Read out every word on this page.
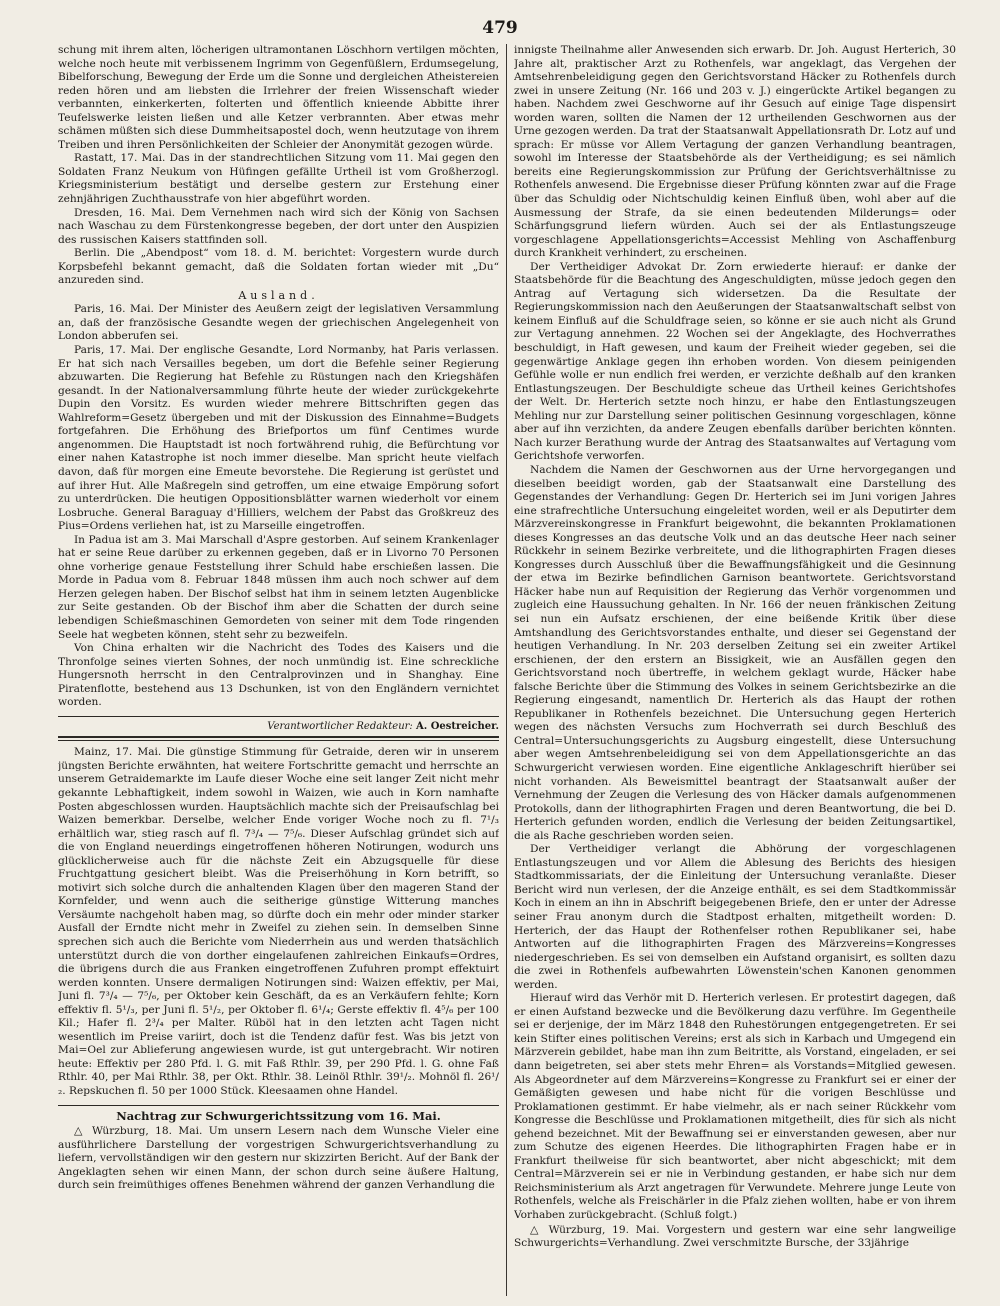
479

schung mit ihrem alten, löcherigen ultramontanen Löschhorn vertilgen möchten, welche noch heute mit verbissenem Ingrimm von Gegenfüßlern, Erdumsegelung, Bibelforschung, Bewegung der Erde um die Sonne und dergleichen Atheistereien reden hören und am liebsten die Irrlehrer der freien Wissenschaft wieder verbannten, einkerkerten, folterten und öffentlich knieende Abbitte ihrer Teufelswerke leisten ließen und alle Ketzer verbrannten. Aber etwas mehr schämen müßten sich diese Dummheitsapostel doch, wenn heutzutage von ihrem Treiben und ihren Persönlichkeiten der Schleier der Anonymität gezogen würde.

Rastatt, 17. Mai. Das in der standrechtlichen Sitzung vom 11. Mai gegen den Soldaten Franz Neukum von Hüfingen gefällte Urtheil ist vom Großherzogl. Kriegsministerium bestätigt und derselbe gestern zur Erstehung einer zehnjährigen Zuchthausstrafe von hier abgeführt worden.

Dresden, 16. Mai. Dem Vernehmen nach wird sich der König von Sachsen nach Waschau zu dem Fürstenkongresse begeben, der dort unter den Auspizien des russischen Kaisers stattfinden soll.

Berlin. Die „Abendpost“ vom 18. d. M. berichtet: Vorgestern wurde durch Korpsbefehl bekannt gemacht, daß die Soldaten fortan wieder mit „Du“ anzureden sind.

Ausland.

Paris, 16. Mai. Der Minister des Aeußern zeigt der legislativen Versammlung an, daß der französische Gesandte wegen der griechischen Angelegenheit von London abberufen sei.

Paris, 17. Mai. Der englische Gesandte, Lord Normanby, hat Paris verlassen. Er hat sich nach Versailles begeben, um dort die Befehle seiner Regierung abzuwarten. Die Regierung hat Befehle zu Rüstungen nach den Kriegshäfen gesandt. In der Nationalversammlung führte heute der wieder zurückgekehrte Dupin den Vorsitz. Es wurden wieder mehrere Bittschriften gegen das Wahlreform=Gesetz übergeben und mit der Diskussion des Einnahme=Budgets fortgefahren. Die Erhöhung des Briefportos um fünf Centimes wurde angenommen. Die Hauptstadt ist noch fortwährend ruhig, die Befürchtung vor einer nahen Katastrophe ist noch immer dieselbe. Man spricht heute vielfach davon, daß für morgen eine Emeute bevorstehe. Die Regierung ist gerüstet und auf ihrer Hut. Alle Maßregeln sind getroffen, um eine etwaige Empörung sofort zu unterdrücken. Die heutigen Oppositionsblätter warnen wiederholt vor einem Losbruche. General Baraguay d'Hilliers, welchem der Pabst das Großkreuz des Pius=Ordens verliehen hat, ist zu Marseille eingetroffen.

In Padua ist am 3. Mai Marschall d'Aspre gestorben. Auf seinem Krankenlager hat er seine Reue darüber zu erkennen gegeben, daß er in Livorno 70 Personen ohne vorherige genaue Feststellung ihrer Schuld habe erschießen lassen. Die Morde in Padua vom 8. Februar 1848 müssen ihm auch noch schwer auf dem Herzen gelegen haben. Der Bischof selbst hat ihm in seinem letzten Augenblicke zur Seite gestanden. Ob der Bischof ihm aber die Schatten der durch seine lebendigen Schießmaschinen Gemordeten von seiner mit dem Tode ringenden Seele hat wegbeten können, steht sehr zu bezweifeln.

Von China erhalten wir die Nachricht des Todes des Kaisers und die Thronfolge seines vierten Sohnes, der noch unmündig ist. Eine schreckliche Hungersnoth herrscht in den Centralprovinzen und in Shanghay. Eine Piratenflotte, bestehend aus 13 Dschunken, ist von den Engländern vernichtet worden.

Verantwortlicher Redakteur: A. Oestreicher.

Mainz, 17. Mai. Die günstige Stimmung für Getraide, deren wir in unserem jüngsten Berichte erwähnten, hat weitere Fortschritte gemacht und herrschte an unserem Getraidemarkte im Laufe dieser Woche eine seit langer Zeit nicht mehr gekannte Lebhaftigkeit, indem sowohl in Waizen, wie auch in Korn namhafte Posten abgeschlossen wurden. Hauptsächlich machte sich der Preisaufschlag bei Waizen bemerkbar. Derselbe, welcher Ende voriger Woche noch zu fl. 7¹/₃ erhältlich war, stieg rasch auf fl. 7³/₄ — 7⁵/₆. Dieser Aufschlag gründet sich auf die von England neuerdings eingetroffenen höheren Notirungen, wodurch uns glücklicherweise auch für die nächste Zeit ein Abzugsquelle für diese Fruchtgattung gesichert bleibt. Was die Preiserhöhung in Korn betrifft, so motivirt sich solche durch die anhaltenden Klagen über den mageren Stand der Kornfelder, und wenn auch die seitherige günstige Witterung manches Versäumte nachgeholt haben mag, so dürfte doch ein mehr oder minder starker Ausfall der Erndte nicht mehr in Zweifel zu ziehen sein. In demselben Sinne sprechen sich auch die Berichte vom Niederrhein aus und werden thatsächlich unterstützt durch die von dorther eingelaufenen zahlreichen Einkaufs=Ordres, die übrigens durch die aus Franken eingetroffenen Zufuhren prompt effektuirt werden konnten. Unsere dermaligen Notirungen sind: Waizen effektiv, per Mai, Juni fl. 7³/₄ — 7⁵/₆, per Oktober kein Geschäft, da es an Verkäufern fehlte; Korn effektiv fl. 5¹/₃, per Juni fl. 5¹/₂, per Oktober fl. 6¹/₄; Gerste effektiv fl. 4⁵/₆ per 100 Kil.; Hafer fl. 2³/₄ per Malter. Rüböl hat in den letzten acht Tagen nicht wesentlich im Preise variirt, doch ist die Tendenz dafür fest. Was bis jetzt von Mai=Oel zur Ablieferung angewiesen wurde, ist gut untergebracht. Wir notiren heute: Effektiv per 280 Pfd. l. G. mit Faß Rthlr. 39, per 290 Pfd. l. G. ohne Faß Rthlr. 40, per Mai Rthlr. 38, per Okt. Rthlr. 38. Leinöl Rthlr. 39¹/₂. Mohnöl fl. 26¹/₂. Repskuchen fl. 50 per 1000 Stück. Kleesaamen ohne Handel.

Nachtrag zur Schwurgerichtssitzung vom 16. Mai.

△ Würzburg, 18. Mai. Um unsern Lesern nach dem Wunsche Vieler eine ausführlichere Darstellung der vorgestrigen Schwurgerichtsverhandlung zu liefern, vervollständigen wir den gestern nur skizzirten Bericht. Auf der Bank der Angeklagten sehen wir einen Mann, der schon durch seine äußere Haltung, durch sein freimüthiges offenes Benehmen während der ganzen Verhandlung die

innigste Theilnahme aller Anwesenden sich erwarb. Dr. Joh. August Herterich, 30 Jahre alt, praktischer Arzt zu Rothenfels, war angeklagt, das Vergehen der Amtsehrenbeleidigung gegen den Gerichtsvorstand Häcker zu Rothenfels durch zwei in unsere Zeitung (Nr. 166 und 203 v. J.) eingerückte Artikel begangen zu haben. Nachdem zwei Geschworne auf ihr Gesuch auf einige Tage dispensirt worden waren, sollten die Namen der 12 urtheilenden Geschwornen aus der Urne gezogen werden. Da trat der Staatsanwalt Appellationsrath Dr. Lotz auf und sprach: Er müsse vor Allem Vertagung der ganzen Verhandlung beantragen, sowohl im Interesse der Staatsbehörde als der Vertheidigung; es sei nämlich bereits eine Regierungskommission zur Prüfung der Gerichtsverhältnisse zu Rothenfels anwesend. Die Ergebnisse dieser Prüfung könnten zwar auf die Frage über das Schuldig oder Nichtschuldig keinen Einfluß üben, wohl aber auf die Ausmessung der Strafe, da sie einen bedeutenden Milderungs= oder Schärfungsgrund liefern würden. Auch sei der als Entlastungszeuge vorgeschlagene Appellationsgerichts=Accessist Mehling von Aschaffenburg durch Krankheit verhindert, zu erscheinen.

Der Vertheidiger Advokat Dr. Zorn erwiederte hierauf: er danke der Staatsbehörde für die Beachtung des Angeschuldigten, müsse jedoch gegen den Antrag auf Vertagung sich widersetzen. Da die Resultate der Regierungskommission nach den Aeußerungen der Staatsanwaltschaft selbst von keinem Einfluß auf die Schuldfrage seien, so könne er sie auch nicht als Grund zur Vertagung annehmen. 22 Wochen sei der Angeklagte, des Hochverrathes beschuldigt, in Haft gewesen, und kaum der Freiheit wieder gegeben, sei die gegenwärtige Anklage gegen ihn erhoben worden. Von diesem peinigenden Gefühle wolle er nun endlich frei werden, er verzichte deßhalb auf den kranken Entlastungszeugen. Der Beschuldigte scheue das Urtheil keines Gerichtshofes der Welt. Dr. Herterich setzte noch hinzu, er habe den Entlastungszeugen Mehling nur zur Darstellung seiner politischen Gesinnung vorgeschlagen, könne aber auf ihn verzichten, da andere Zeugen ebenfalls darüber berichten könnten. Nach kurzer Berathung wurde der Antrag des Staatsanwaltes auf Vertagung vom Gerichtshofe verworfen.

Nachdem die Namen der Geschwornen aus der Urne hervorgegangen und dieselben beeidigt worden, gab der Staatsanwalt eine Darstellung des Gegenstandes der Verhandlung: Gegen Dr. Herterich sei im Juni vorigen Jahres eine strafrechtliche Untersuchung eingeleitet worden, weil er als Deputirter dem Märzvereinskongresse in Frankfurt beigewohnt, die bekannten Proklamationen dieses Kongresses an das deutsche Volk und an das deutsche Heer nach seiner Rückkehr in seinem Bezirke verbreitete, und die lithographirten Fragen dieses Kongresses durch Ausschluß über die Bewaffnungsfähigkeit und die Gesinnung der etwa im Bezirke befindlichen Garnison beantwortete. Gerichtsvorstand Häcker habe nun auf Requisition der Regierung das Verhör vorgenommen und zugleich eine Haussuchung gehalten. In Nr. 166 der neuen fränkischen Zeitung sei nun ein Aufsatz erschienen, der eine beißende Kritik über diese Amtshandlung des Gerichtsvorstandes enthalte, und dieser sei Gegenstand der heutigen Verhandlung. In Nr. 203 derselben Zeitung sei ein zweiter Artikel erschienen, der den erstern an Bissigkeit, wie an Ausfällen gegen den Gerichtsvorstand noch übertreffe, in welchem geklagt wurde, Häcker habe falsche Berichte über die Stimmung des Volkes in seinem Gerichtsbezirke an die Regierung eingesandt, namentlich Dr. Herterich als das Haupt der rothen Republikaner in Rothenfels bezeichnet. Die Untersuchung gegen Herterich wegen des nächsten Versuchs zum Hochverrath sei durch Beschluß des Central=Untersuchungsgerichts zu Augsburg eingestellt, diese Untersuchung aber wegen Amtsehrenbeleidigung sei von dem Appellationsgerichte an das Schwurgericht verwiesen worden. Eine eigentliche Anklageschrift hierüber sei nicht vorhanden. Als Beweismittel beantragt der Staatsanwalt außer der Vernehmung der Zeugen die Verlesung des von Häcker damals aufgenommenen Protokolls, dann der lithographirten Fragen und deren Beantwortung, die bei D. Herterich gefunden worden, endlich die Verlesung der beiden Zeitungsartikel, die als Rache geschrieben worden seien.

Der Vertheidiger verlangt die Abhörung der vorgeschlagenen Entlastungszeugen und vor Allem die Ablesung des Berichts des hiesigen Stadtkommissariats, der die Einleitung der Untersuchung veranlaßte. Dieser Bericht wird nun verlesen, der die Anzeige enthält, es sei dem Stadtkommissär Koch in einem an ihn in Abschrift beigegebenen Briefe, den er unter der Adresse seiner Frau anonym durch die Stadtpost erhalten, mitgetheilt worden: D. Herterich, der das Haupt der Rothenfelser rothen Republikaner sei, habe Antworten auf die lithographirten Fragen des Märzvereins=Kongresses niedergeschrieben. Es sei von demselben ein Aufstand organisirt, es sollten dazu die zwei in Rothenfels aufbewahrten Löwenstein'schen Kanonen genommen werden.

Hierauf wird das Verhör mit D. Herterich verlesen. Er protestirt dagegen, daß er einen Aufstand bezwecke und die Bevölkerung dazu verführe. Im Gegentheile sei er derjenige, der im März 1848 den Ruhestörungen entgegengetreten. Er sei kein Stifter eines politischen Vereins; erst als sich in Karbach und Umgegend ein Märzverein gebildet, habe man ihn zum Beitritte, als Vorstand, eingeladen, er sei dann beigetreten, sei aber stets mehr Ehren= als Vorstands=Mitglied gewesen. Als Abgeordneter auf dem Märzvereins=Kongresse zu Frankfurt sei er einer der Gemäßigten gewesen und habe nicht für die vorigen Beschlüsse und Proklamationen gestimmt. Er habe vielmehr, als er nach seiner Rückkehr vom Kongresse die Beschlüsse und Proklamationen mitgetheilt, dies für sich als nicht gehend bezeichnet. Mit der Bewaffnung sei er einverstanden gewesen, aber nur zum Schutze des eigenen Heerdes. Die lithographirten Fragen habe er in Frankfurt theilweise für sich beantwortet, aber nicht abgeschickt; mit dem Central=Märzverein sei er nie in Verbindung gestanden, er habe sich nur dem Reichsministerium als Arzt angetragen für Verwundete. Mehrere junge Leute von Rothenfels, welche als Freischärler in die Pfalz ziehen wollten, habe er von ihrem Vorhaben zurückgebracht. (Schluß folgt.)

△ Würzburg, 19. Mai. Vorgestern und gestern war eine sehr langweilige Schwurgerichts=Verhandlung. Zwei verschmitzte Bursche, der 33jährige
